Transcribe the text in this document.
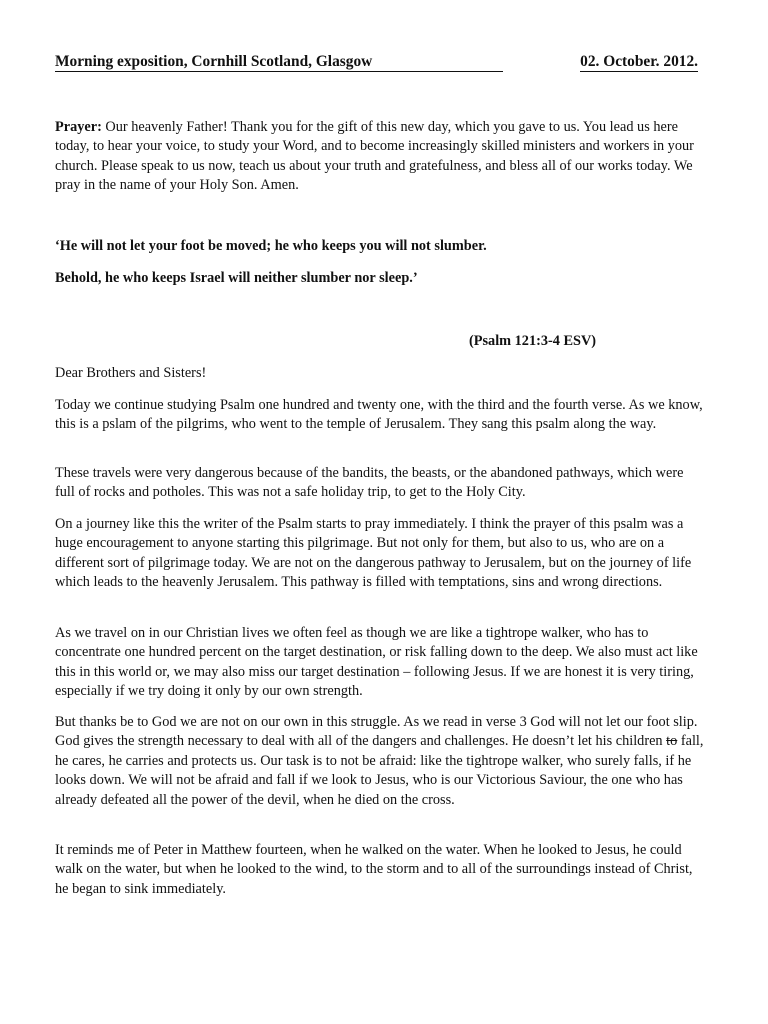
Morning exposition, Cornhill Scotland, Glasgow	02. October. 2012.

Prayer: Our heavenly Father! Thank you for the gift of this new day, which you gave to us. You lead us here today, to hear your voice, to study your Word, and to become increasingly skilled ministers and workers in your church. Please speak to us now, teach us about your truth and gratefulness, and bless all of our works today. We pray in the name of your Holy Son. Amen.

‘He will not let your foot be moved; he who keeps you will not slumber.
Behold, he who keeps Israel will neither slumber nor sleep.’
(Psalm 121:3-4 ESV)
Dear Brothers and Sisters!

Today we continue studying Psalm one hundred and twenty one, with the third and the fourth verse. As we know, this is a pslam of the pilgrims, who went to the temple of Jerusalem. They sang this psalm along the way.

These travels were very dangerous because of the bandits, the beasts, or the abandoned pathways, which were full of rocks and potholes. This was not a safe holiday trip, to get to the Holy City.

On a journey like this the writer of the Psalm starts to pray immediately. I think the prayer of this psalm was a huge encouragement to anyone starting this pilgrimage. But not only for them, but also to us, who are on a different sort of pilgrimage today. We are not on the dangerous pathway to Jerusalem, but on the journey of life which leads to the heavenly Jerusalem. This pathway is filled with temptations, sins and wrong directions.

As we travel on in our Christian lives we often feel as though we are like a tightrope walker, who has to concentrate one hundred percent on the target destination, or risk falling down to the deep. We also must act like this in this world or, we may also miss our target destination – following Jesus. If we are honest it is very tiring, especially if we try doing it only by our own strength.

But thanks be to God we are not on our own in this struggle. As we read in verse 3 God will not let our foot slip. God gives the strength necessary to deal with all of the dangers and challenges. He doesn’t let his children to fall, he cares, he carries and protects us. Our task is to not be afraid: like the tightrope walker, who surely falls, if he looks down. We will not be afraid and fall if we look to Jesus, who is our Victorious Saviour, the one who has already defeated all the power of the devil, when he died on the cross.

It reminds me of Peter in Matthew fourteen, when he walked on the water. When he looked to Jesus, he could walk on the water, but when he looked to the wind, to the storm and to all of the surroundings instead of Christ, he began to sink immediately.
